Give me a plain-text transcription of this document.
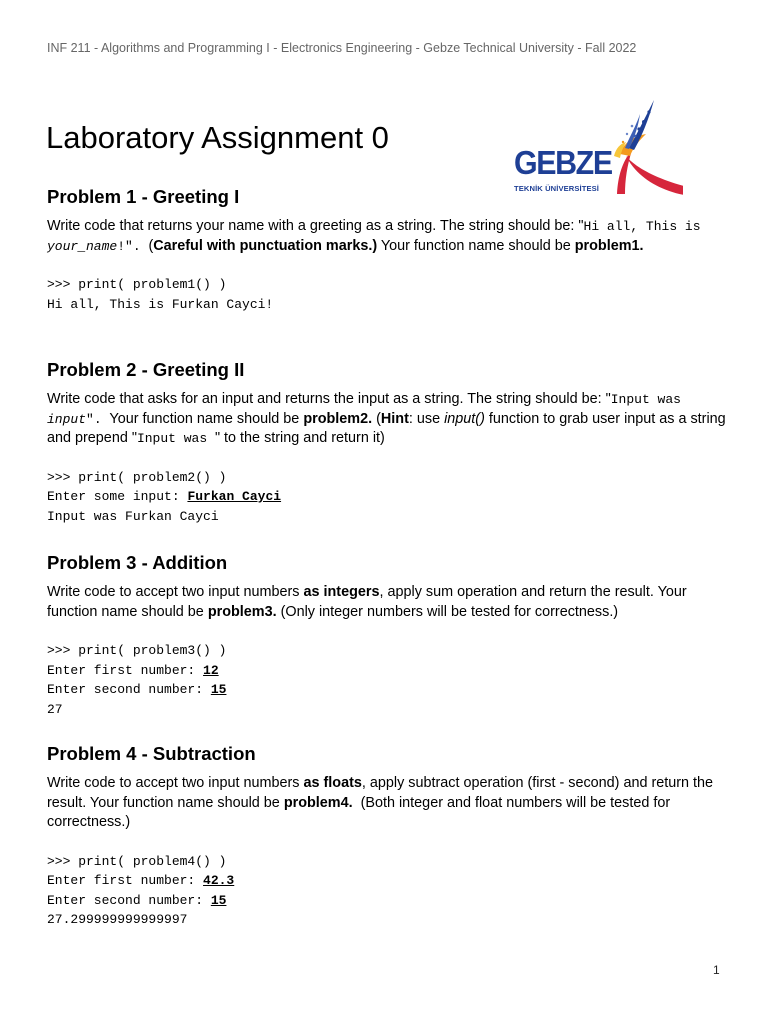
INF 211 - Algorithms and Programming I - Electronics Engineering - Gebze Technical University - Fall 2022
Laboratory Assignment 0
GEBZE
TEKNİK ÜNİVERSİTESİ
Problem 1 - Greeting I

Write code that returns your name with a greeting as a string. The string should be: "Hi all, This is your_name!". (Careful with punctuation marks.) Your function name should be problem1.

>>> print( problem1() )
Hi all, This is Furkan Cayci!
Problem 2 - Greeting II

Write code that asks for an input and returns the input as a string. The string should be: "Input was input". Your function name should be problem2. (Hint: use input() function to grab user input as a string and prepend "Input was " to the string and return it)

>>> print( problem2() )
Enter some input: Furkan Cayci
Input was Furkan Cayci
Problem 3 - Addition

Write code to accept two input numbers as integers, apply sum operation and return the result. Your function name should be problem3. (Only integer numbers will be tested for correctness.)

>>> print( problem3() )
Enter first number: 12
Enter second number: 15
27
Problem 4 - Subtraction

Write code to accept two input numbers as floats, apply subtract operation (first - second) and return the result. Your function name should be problem4.  (Both integer and float numbers will be tested for correctness.)

>>> print( problem4() )
Enter first number: 42.3
Enter second number: 15
27.299999999999997
1
